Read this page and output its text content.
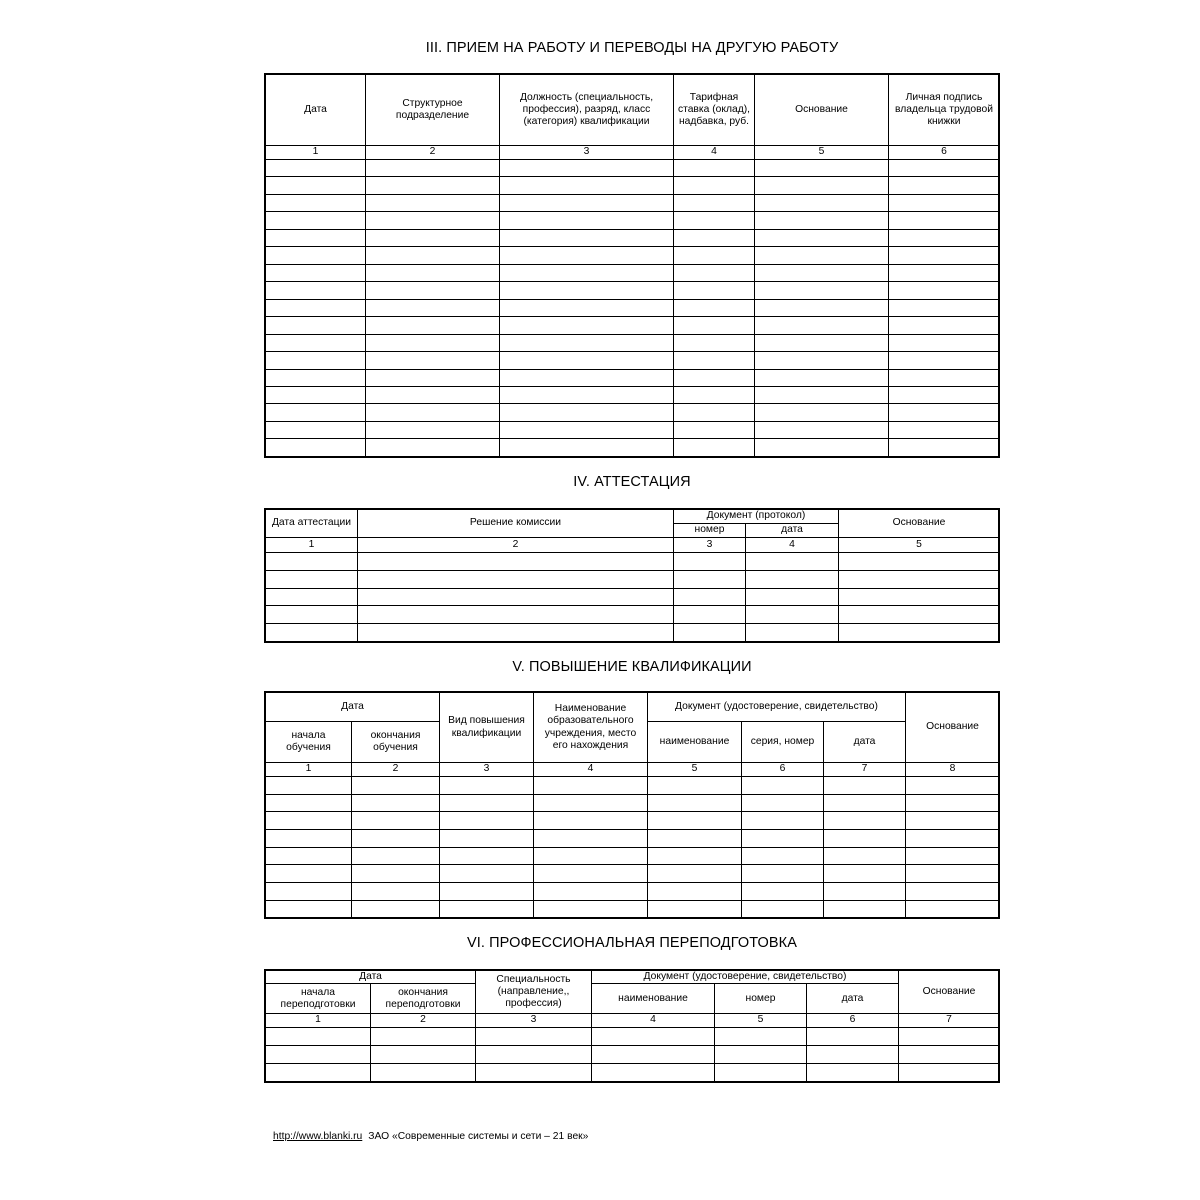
III. ПРИЕМ НА РАБОТУ И ПЕРЕВОДЫ НА ДРУГУЮ РАБОТУ
Дата	Структурное подразделение	Должность (специальность, профессия), разряд, класс (категория) квалификации	Тарифная ставка (оклад), надбавка, руб.	Основание	Личная подпись владельца трудовой книжки
1	2	3	4	5	6

IV. АТТЕСТАЦИЯ
Дата аттестации	Решение комиссии	Документ (протокол)		Основание
		номер	дата	
1	2	3	4	5

V. ПОВЫШЕНИЕ КВАЛИФИКАЦИИ
Дата		Вид повышения квалификации	Наименование образовательного учреждения, место его нахождения	Документ (удостоверение, свидетельство)			Основание
начала обучения	окончания обучения			наименование	серия, номер	дата	
1	2	3	4	5	6	7	8

VI. ПРОФЕССИОНАЛЬНАЯ ПЕРЕПОДГОТОВКА
Дата		Специальность (направление,, профессия)	Документ (удостоверение, свидетельство)			Основание
начала переподготовки	окончания переподготовки		наименование	номер	дата	
1	2	3	4	5	6	7

http://www.blanki.ru ЗАО «Современные системы и сети – 21 век»
